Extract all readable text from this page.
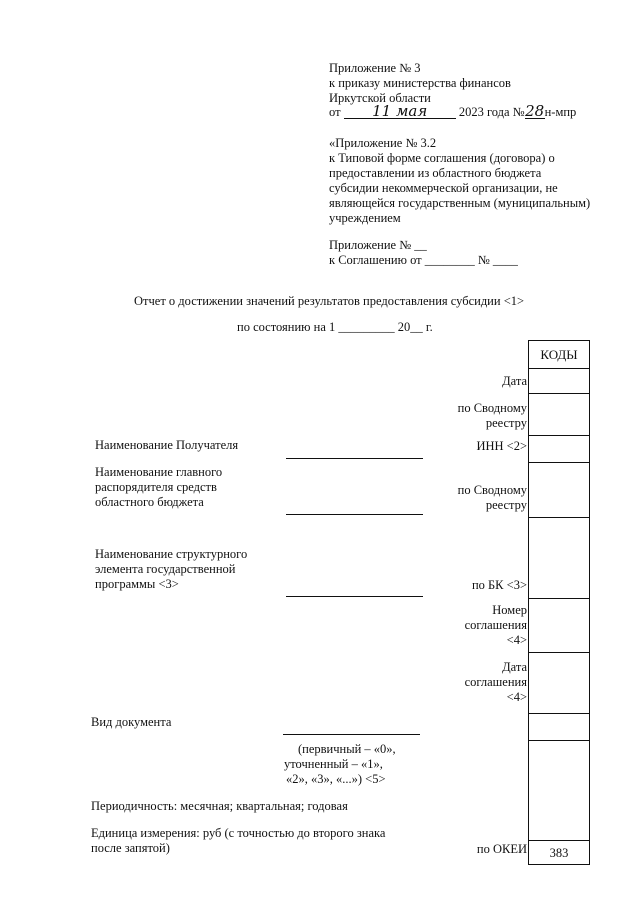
Приложение № 3
к приказу министерства финансов
Иркутской области
от 11 мая	2023 года №28н-мпр
«Приложение № 3.2
к Типовой форме соглашения (договора) о
предоставлении из областного бюджета
субсидии некоммерческой организации, не
являющейся государственным (муниципальным)
учреждением
Приложение № __
к Соглашению от ________ № ____
Отчет о достижении значений результатов предоставления субсидии <1>
по состоянию на 1 _________ 20__ г.
Наименование Получателя
Наименование главного
распорядителя средств
областного бюджета
Наименование структурного
элемента государственной
программы <3>
Вид документа
(первичный – «0»,
уточненный – «1»,
«2», «3», «...») <5>
Периодичность: месячная; квартальная; годовая
Единица измерения: руб (с точностью до второго знака
после запятой)
Дата
по Сводному
реестру
ИНН <2>
по Сводному
реестру
по БК <3>
Номер
соглашения
<4>
Дата
соглашения
<4>
по ОКЕИ
КОДЫ
383
